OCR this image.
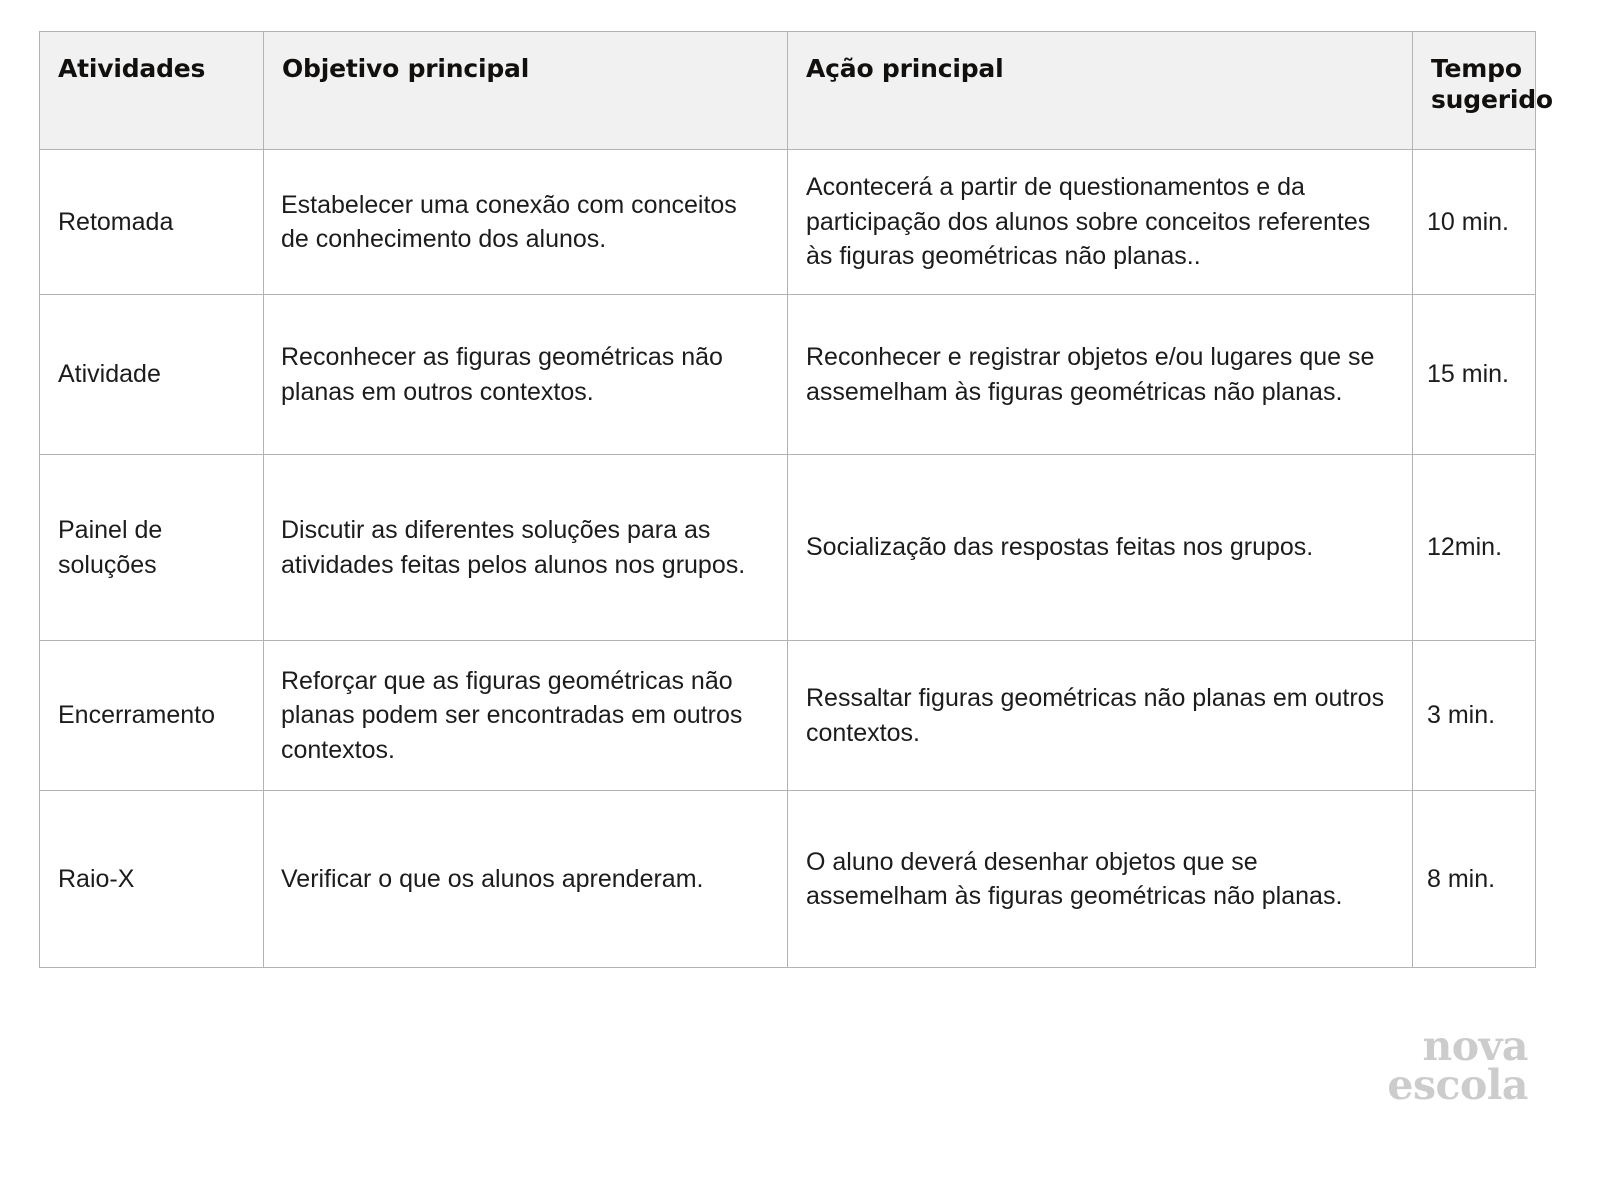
Atividades	Objetivo principal	Ação principal	Tempo sugerido
Retomada	Estabelecer uma conexão com conceitos de conhecimento dos alunos.	Acontecerá a partir de questionamentos e da participação dos alunos sobre conceitos referentes às figuras geométricas não planas..	10 min.
Atividade	Reconhecer as figuras geométricas não planas em outros contextos.	Reconhecer e registrar objetos e/ou lugares que se assemelham às figuras geométricas não planas.	15 min.
Painel de soluções	Discutir as diferentes soluções para as atividades feitas pelos alunos nos grupos.	Socialização das respostas feitas nos grupos.	12min.
Encerramento	Reforçar que as figuras geométricas não planas podem ser encontradas em outros contextos.	Ressaltar figuras geométricas não planas em outros contextos.	3 min.
Raio-X	Verificar o que os alunos aprenderam.	O aluno deverá desenhar objetos que se assemelham às figuras geométricas não planas.	8 min.
nova
escola
